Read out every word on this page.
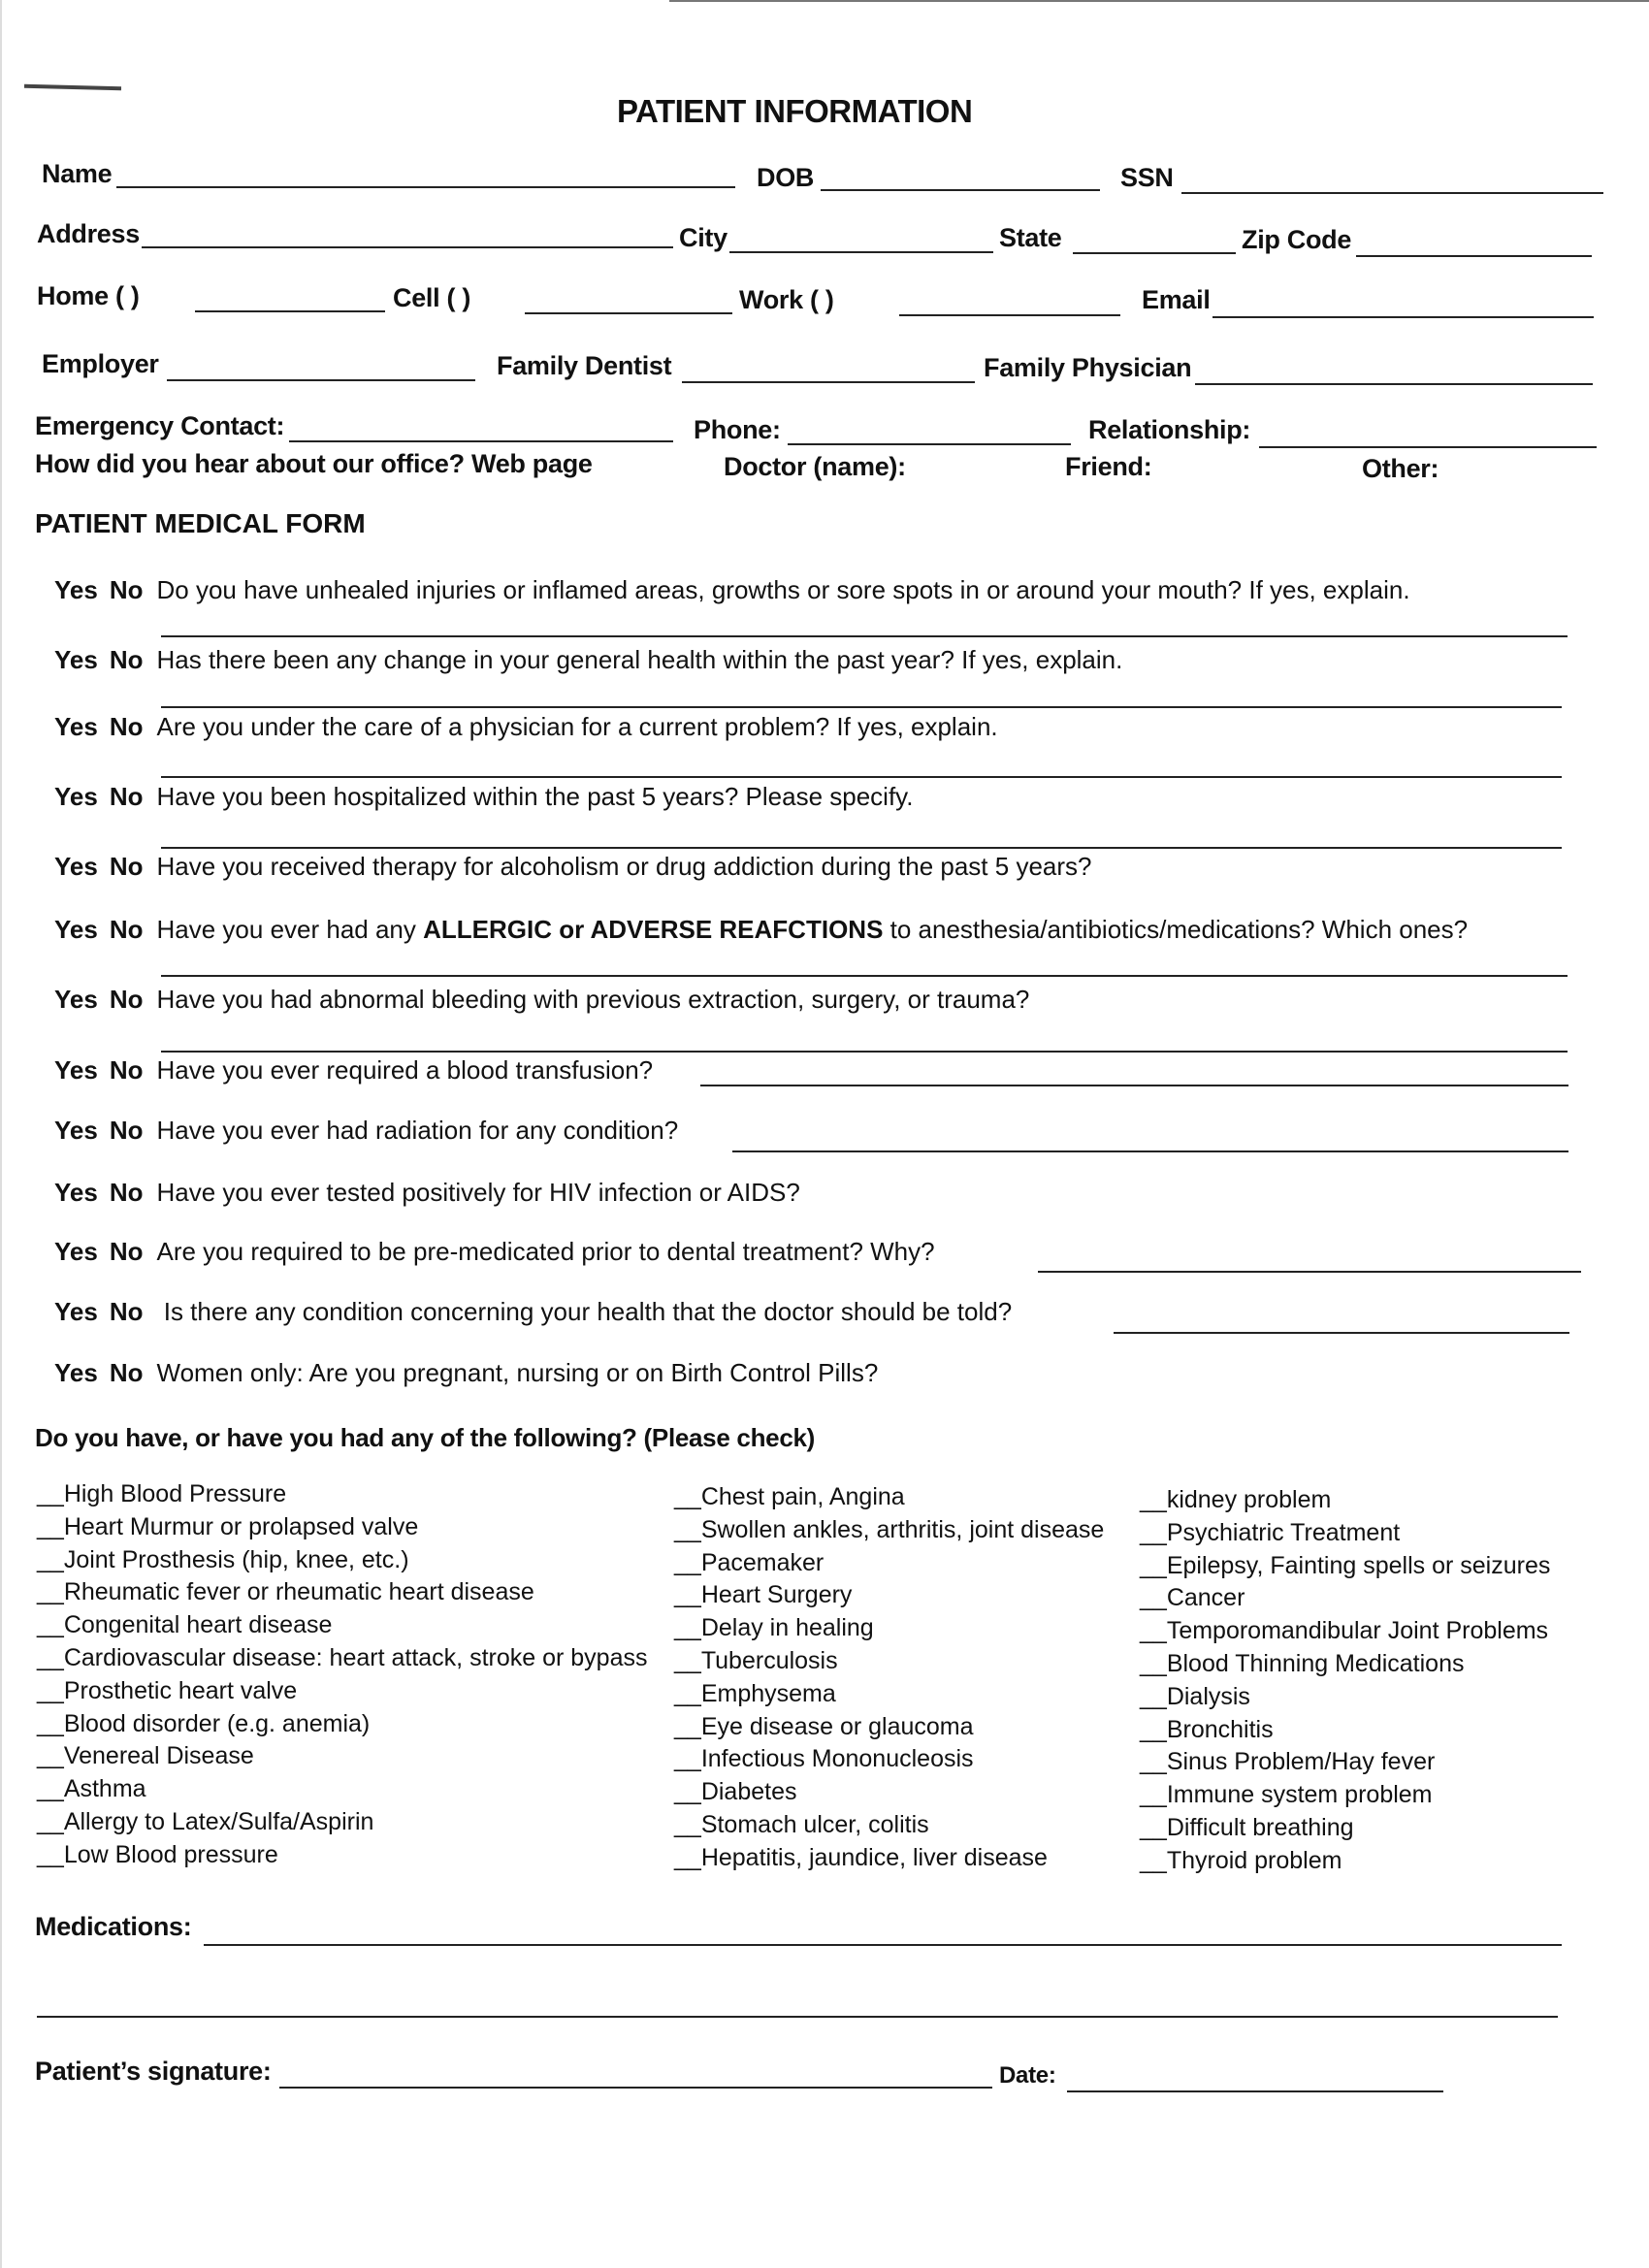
PATIENT INFORMATION
Name	DOB	SSN
Address	City	State	Zip Code
Home ( )	Cell ( )	Work ( )	Email
Employer	Family Dentist	Family Physician
Emergency Contact:	Phone:	Relationship:
How did you hear about our office? Web page	Doctor (name):	Friend:	Other:
PATIENT MEDICAL FORM
Yes No Do you have unhealed injuries or inflamed areas, growths or sore spots in or around your mouth? If yes, explain.
Yes No Has there been any change in your general health within the past year? If yes, explain.
Yes No Are you under the care of a physician for a current problem? If yes, explain.
Yes No Have you been hospitalized within the past 5 years? Please specify.
Yes No Have you received therapy for alcoholism or drug addiction during the past 5 years?
Yes No Have you ever had any ALLERGIC or ADVERSE REAFCTIONS to anesthesia/antibiotics/medications? Which ones?
Yes No Have you had abnormal bleeding with previous extraction, surgery, or trauma?
Yes No Have you ever required a blood transfusion?
Yes No Have you ever had radiation for any condition?
Yes No Have you ever tested positively for HIV infection or AIDS?
Yes No Are you required to be pre-medicated prior to dental treatment? Why?
Yes No Is there any condition concerning your health that the doctor should be told?
Yes No Women only: Are you pregnant, nursing or on Birth Control Pills?
Do you have, or have you had any of the following? (Please check)
__High Blood Pressure
__Heart Murmur or prolapsed valve
__Joint Prosthesis (hip, knee, etc.)
__Rheumatic fever or rheumatic heart disease
__Congenital heart disease
__Cardiovascular disease: heart attack, stroke or bypass
__Prosthetic heart valve
__Blood disorder (e.g. anemia)
__Venereal Disease
__Asthma
__Allergy to Latex/Sulfa/Aspirin
__Low Blood pressure
__Chest pain, Angina
__Swollen ankles, arthritis, joint disease
__Pacemaker
__Heart Surgery
__Delay in healing
__Tuberculosis
__Emphysema
__Eye disease or glaucoma
__Infectious Mononucleosis
__Diabetes
__Stomach ulcer, colitis
__Hepatitis, jaundice, liver disease
__kidney problem
__Psychiatric Treatment
__Epilepsy, Fainting spells or seizures
__Cancer
__Temporomandibular Joint Problems
__Blood Thinning Medications
__Dialysis
__Bronchitis
__Sinus Problem/Hay fever
__Immune system problem
__Difficult breathing
__Thyroid problem
Medications:
Patient’s signature:	Date:
